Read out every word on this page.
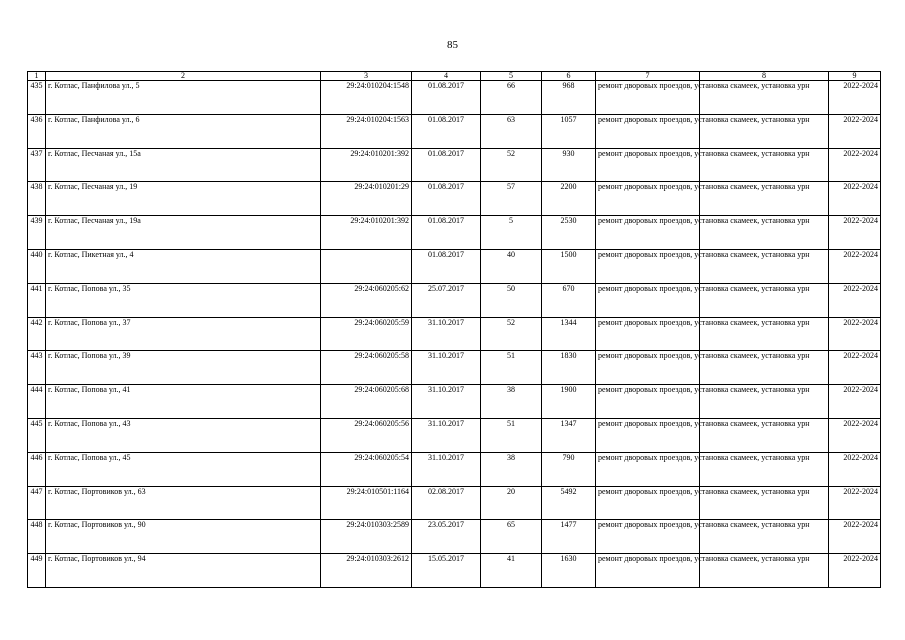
85
1	2	3	4	5	6	7	8	9
435	г. Котлас, Панфилова ул., 5	29:24:010204:1548	01.08.2017	66	968	ремонт дворовых проездов, установка скамеек, установка урн		2022-2024
436	г. Котлас, Панфилова ул., 6	29:24:010204:1563	01.08.2017	63	1057	ремонт дворовых проездов, установка скамеек, установка урн		2022-2024
437	г. Котлас, Песчаная ул., 15а	29:24:010201:392	01.08.2017	52	930	ремонт дворовых проездов, установка скамеек, установка урн		2022-2024
438	г. Котлас, Песчаная ул., 19	29:24:010201:29	01.08.2017	57	2200	ремонт дворовых проездов, установка скамеек, установка урн		2022-2024
439	г. Котлас, Песчаная ул., 19а	29:24:010201:392	01.08.2017	5	2530	ремонт дворовых проездов, установка скамеек, установка урн		2022-2024
440	г. Котлас, Пикетная ул., 4		01.08.2017	40	1500	ремонт дворовых проездов, установка скамеек, установка урн		2022-2024
441	г. Котлас, Попова ул., 35	29:24:060205:62	25.07.2017	50	670	ремонт дворовых проездов, установка скамеек, установка урн		2022-2024
442	г. Котлас, Попова ул., 37	29:24:060205:59	31.10.2017	52	1344	ремонт дворовых проездов, установка скамеек, установка урн		2022-2024
443	г. Котлас, Попова ул., 39	29:24:060205:58	31.10.2017	51	1830	ремонт дворовых проездов, установка скамеек, установка урн		2022-2024
444	г. Котлас, Попова ул., 41	29:24:060205:68	31.10.2017	38	1900	ремонт дворовых проездов, установка скамеек, установка урн		2022-2024
445	г. Котлас, Попова ул., 43	29:24:060205:56	31.10.2017	51	1347	ремонт дворовых проездов, установка скамеек, установка урн		2022-2024
446	г. Котлас, Попова ул., 45	29:24:060205:54	31.10.2017	38	790	ремонт дворовых проездов, установка скамеек, установка урн		2022-2024
447	г. Котлас, Портовиков ул., 63	29:24:010501:1164	02.08.2017	20	5492	ремонт дворовых проездов, установка скамеек, установка урн		2022-2024
448	г. Котлас, Портовиков ул., 90	29:24:010303:2589	23.05.2017	65	1477	ремонт дворовых проездов, установка скамеек, установка урн		2022-2024
449	г. Котлас, Портовиков ул., 94	29:24:010303:2612	15.05.2017	41	1630	ремонт дворовых проездов, установка скамеек, установка урн		2022-2024
